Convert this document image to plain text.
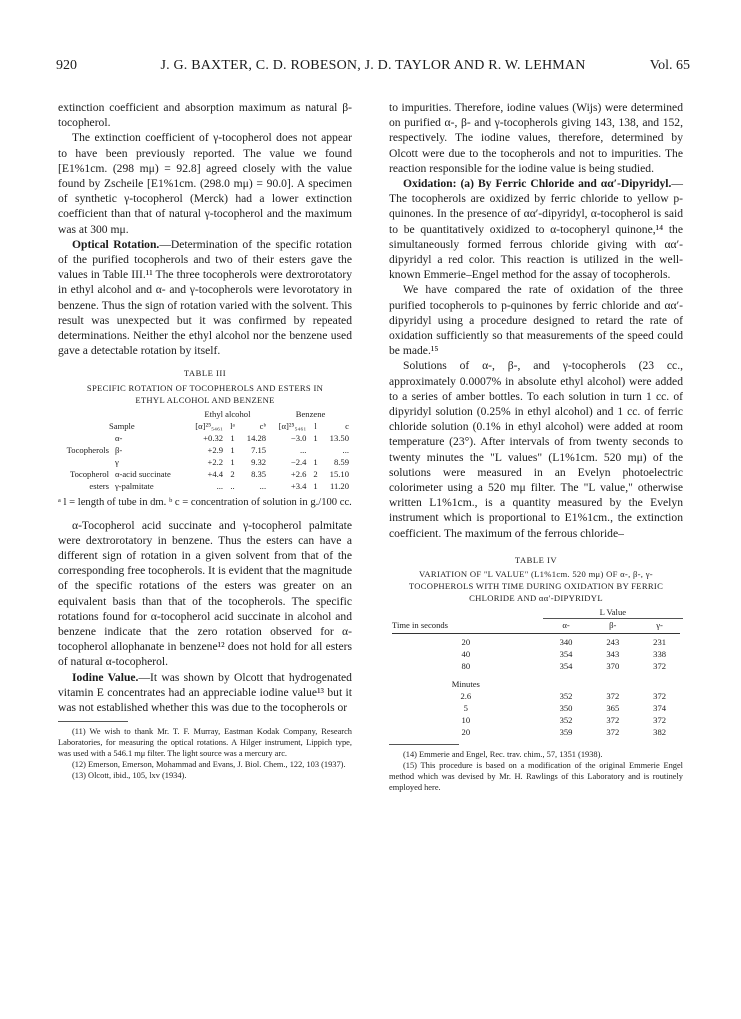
920	J. G. BAXTER, C. D. ROBESON, J. D. TAYLOR AND R. W. LEHMAN	Vol. 65

extinction coefficient and absorption maximum as natural β-tocopherol.

The extinction coefficient of γ-tocopherol does not appear to have been previously reported. The value we found [E1%1cm. (298 mμ) = 92.8] agreed closely with the value found by Zscheile [E1%1cm. (298.0 mμ) = 90.0]. A specimen of synthetic γ-tocopherol (Merck) had a lower extinction coefficient than that of natural γ-tocopherol and the maximum was at 300 mμ.

Optical Rotation.—Determination of the specific rotation of the purified tocopherols and two of their esters gave the values in Table III.¹¹ The three tocopherols were dextrorotatory in ethyl alcohol and α- and γ-tocopherols were levorotatory in benzene. Thus the sign of rotation varied with the solvent. This result was unexpected but it was confirmed by repeated determinations. Neither the ethyl alcohol nor the benzene used gave a detectable rotation by itself.

TABLE III
SPECIFIC ROTATION OF TOCOPHEROLS AND ESTERS IN
ETHYL ALCOHOL AND BENZENE
		Ethyl alcohol			Benzene		
Sample		[α]²⁵₅₄₆₁	lᵃ	cᵇ	[α]²⁵₅₄₆₁	l	c
Tocopherols	α-	+0.32	1	14.28	−3.0	1	13.50
	β-	+2.9	1	7.15	...		...
	γ	+2.2	1	9.32	−2.4	1	8.59
Tocopherol esters	α-acid succinate	+4.4	2	8.35	+2.6	2	15.10
	γ-palmitate	...	..	...	+3.4	1	11.20

ᵃ l = length of tube in dm. ᵇ c = concentration of solution in g./100 cc.

α-Tocopherol acid succinate and γ-tocopherol palmitate were dextrorotatory in benzene. Thus the esters can have a different sign of rotation in a given solvent from that of the corresponding free tocopherols. It is evident that the magnitude of the specific rotations of the esters was greater on an equivalent basis than that of the tocopherols. The specific rotations found for α-tocopherol acid succinate in alcohol and benzene indicate that the zero rotation observed for α-tocopherol allophanate in benzene¹² does not hold for all esters of natural α-tocopherol.

Iodine Value.—It was shown by Olcott that hydrogenated vitamin E concentrates had an appreciable iodine value¹³ but it was not established whether this was due to the tocopherols or

(11) We wish to thank Mr. T. F. Murray, Eastman Kodak Company, Research Laboratories, for measuring the optical rotations. A Hilger instrument, Lippich type, was used with a 546.1 mμ filter. The light source was a mercury arc.

(12) Emerson, Emerson, Mohammad and Evans, J. Biol. Chem., 122, 103 (1937).

(13) Olcott, ibid., 105, lxv (1934).

to impurities. Therefore, iodine values (Wijs) were determined on purified α-, β- and γ-tocopherols giving 143, 138, and 152, respectively. The iodine values, therefore, determined by Olcott were due to the tocopherols and not to impurities. The reaction responsible for the iodine value is being studied.

Oxidation: (a) By Ferric Chloride and αα′-Dipyridyl.—The tocopherols are oxidized by ferric chloride to yellow p-quinones. In the presence of αα′-dipyridyl, α-tocopherol is said to be quantitatively oxidized to α-tocopheryl quinone,¹⁴ the simultaneously formed ferrous chloride giving with αα′-dipyridyl a red color. This reaction is utilized in the well-known Emmerie–Engel method for the assay of tocopherols.

We have compared the rate of oxidation of the three purified tocopherols to p-quinones by ferric chloride and αα′-dipyridyl using a procedure designed to retard the rate of oxidation sufficiently so that measurements of the speed could be made.¹⁵

Solutions of α-, β-, and γ-tocopherols (23 cc., approximately 0.0007% in absolute ethyl alcohol) were added to a series of amber bottles. To each solution in turn 1 cc. of dipyridyl solution (0.25% in ethyl alcohol) and 1 cc. of ferric chloride solution (0.1% in ethyl alcohol) were added at room temperature (23°). After intervals of from twenty seconds to twenty minutes the "L values" (L1%1cm. 520 mμ) of the solutions were measured in an Evelyn photoelectric colorimeter using a 520 mμ filter. The "L value," otherwise written L1%1cm., is a quantity measured by the Evelyn instrument which is proportional to E1%1cm., the extinction coefficient. The maximum of the ferrous chloride–

TABLE IV
VARIATION OF "L VALUE" (L1%1cm. 520 mμ) OF α-, β-, γ-
TOCOPHEROLS WITH TIME DURING OXIDATION BY FERRIC
CHLORIDE AND αα′-DIPYRIDYL
	L Value		
Time in seconds	α-	β-	γ-

20	340	243	231
40	354	343	338
80	354	370	372
Minutes			
2.6	352	372	372
5	350	365	374
10	352	372	372
20	359	372	382

(14) Emmerie and Engel, Rec. trav. chim., 57, 1351 (1938).

(15) This procedure is based on a modification of the original Emmerie Engel method which was devised by Mr. H. Rawlings of this Laboratory and is routinely employed here.
